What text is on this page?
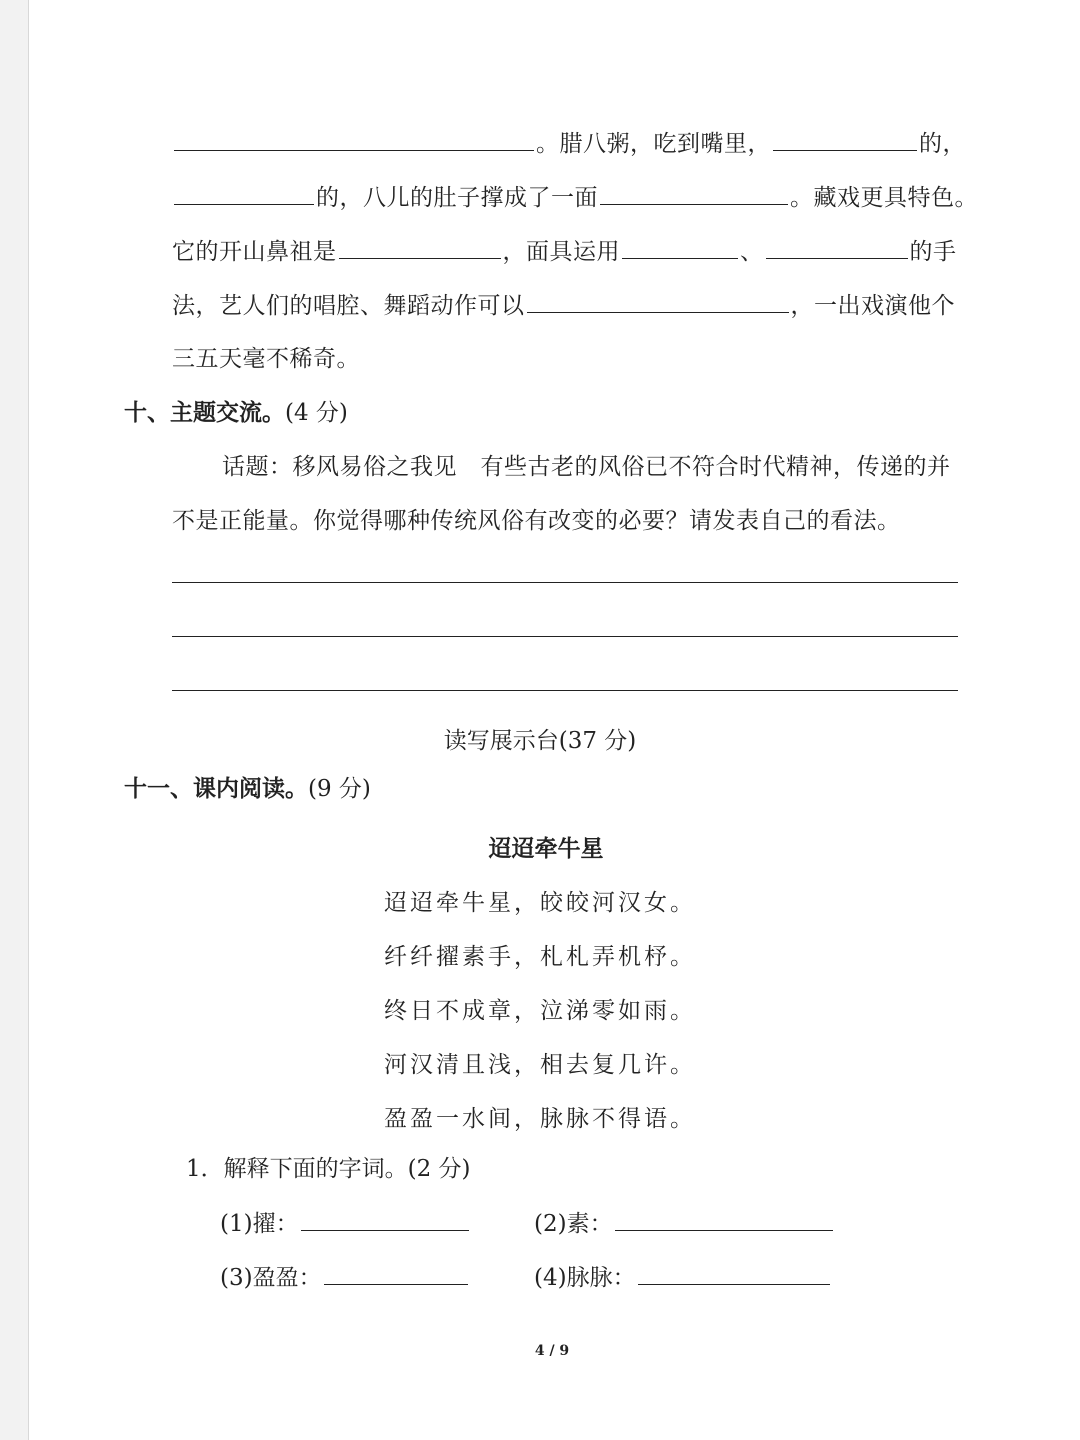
。腊八粥，吃到嘴里，	的，
的，八儿的肚子撑成了一面	。藏戏更具特色。
它的开山鼻祖是	，面具运用	、	的手
法，艺人们的唱腔、舞蹈动作可以	，一出戏演他个
三五天毫不稀奇。
十、主题交流。(4 分)
话题：移风易俗之我见　有些古老的风俗已不符合时代精神，传递的并
不是正能量。你觉得哪种传统风俗有改变的必要？请发表自己的看法。
读写展示台(37 分)
十一、课内阅读。(9 分)
迢迢牵牛星
迢迢牵牛星，皎皎河汉女。
纤纤擢素手，札札弄机杼。
终日不成章，泣涕零如雨。
河汉清且浅，相去复几许。
盈盈一水间，脉脉不得语。
1．解释下面的字词。(2 分)
(1)擢：	(2)素：
(3)盈盈：	(4)脉脉：
4 / 9
